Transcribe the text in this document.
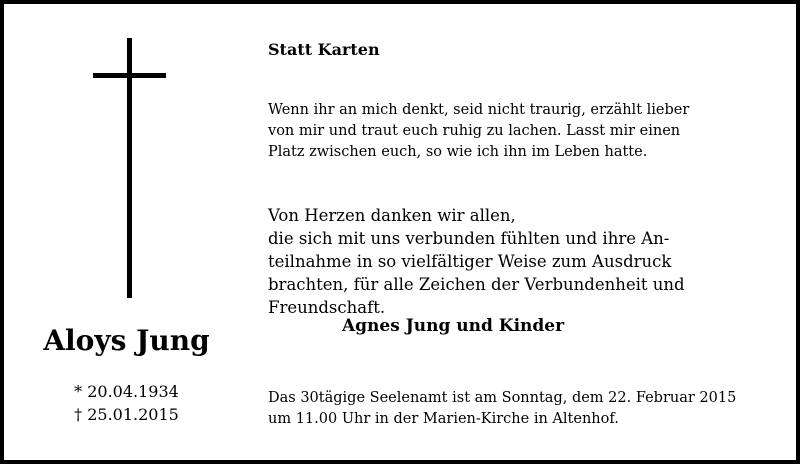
Aloys Jung
* 20.04.1934
† 25.01.2015
Statt Karten
Wenn ihr an mich denkt, seid nicht traurig, erzählt lieber
von mir und traut euch ruhig zu lachen. Lasst mir einen
Platz zwischen euch, so wie ich ihn im Leben hatte.
Von Herzen danken wir allen,
die sich mit uns verbunden fühlten und ihre An-
teilnahme in so vielfältiger Weise zum Ausdruck
brachten, für alle Zeichen der Verbundenheit und
Freundschaft.
Agnes Jung und Kinder
Das 30tägige Seelenamt ist am Sonntag, dem 22. Februar 2015
um 11.00 Uhr in der Marien-Kirche in Altenhof.
